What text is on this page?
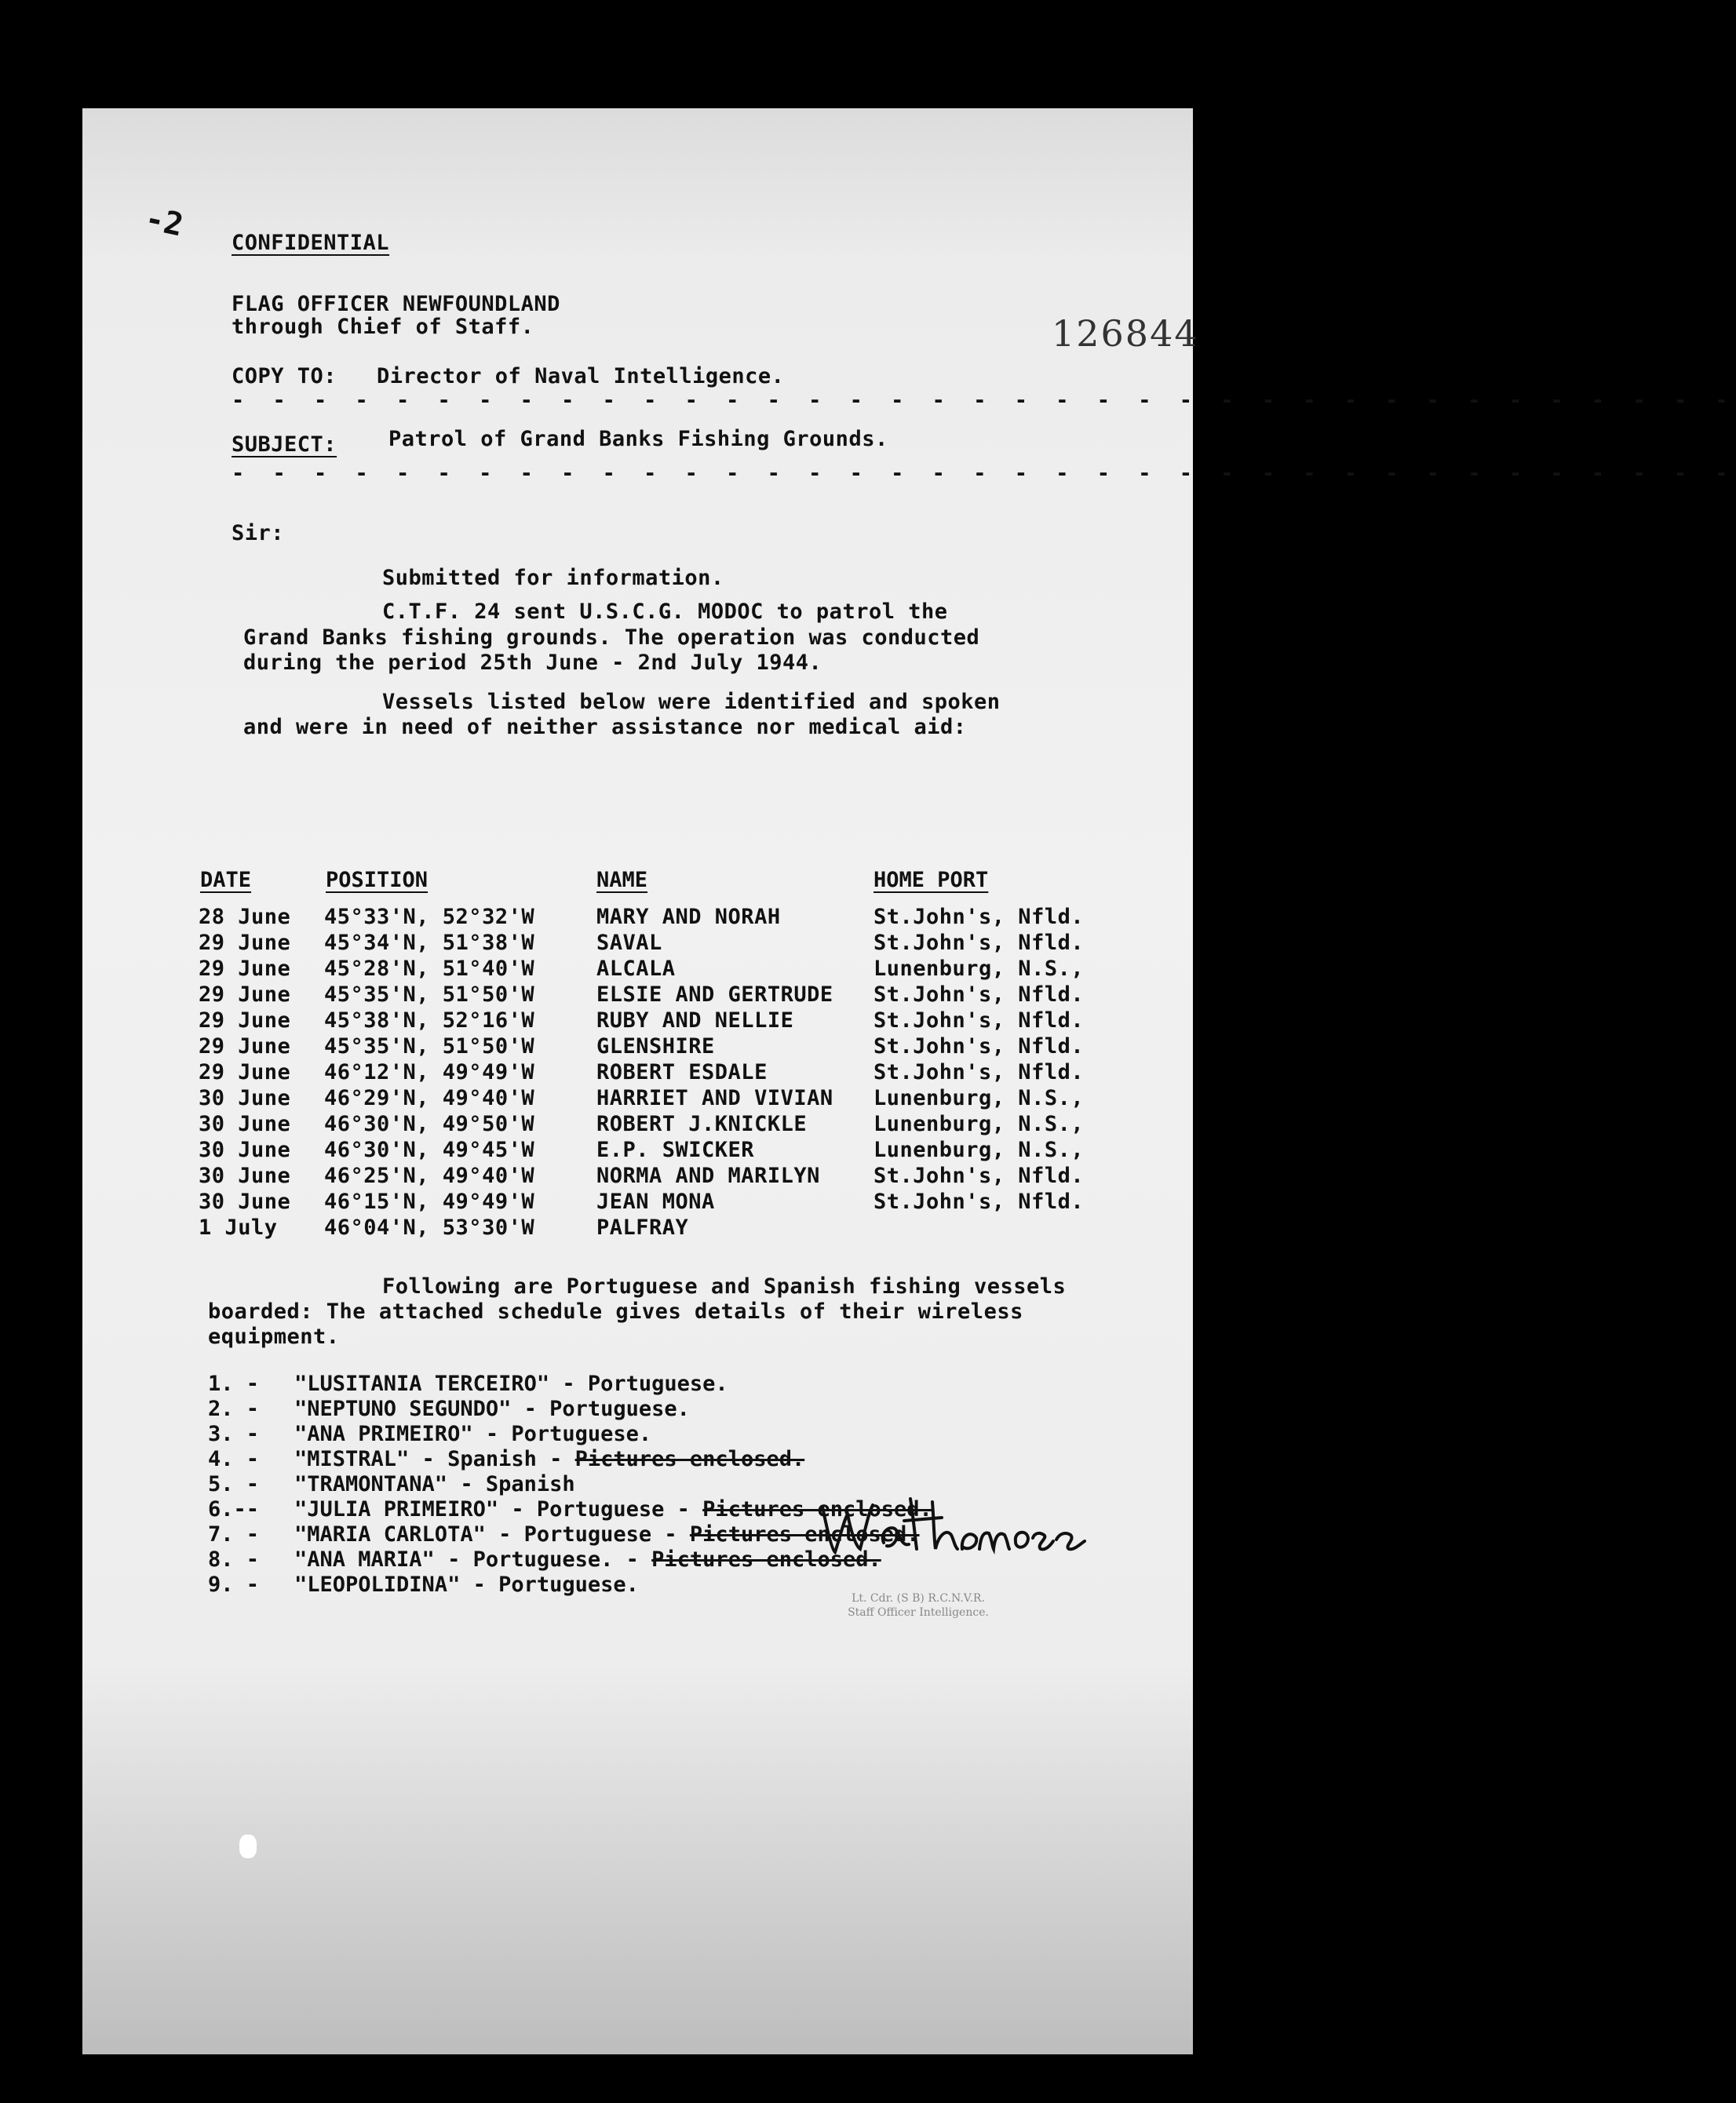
-2 CONFIDENTIAL
FLAG OFFICER NEWFOUNDLAND
through Chief of Staff.	126844
COPY TO: Director of Naval Intelligence.
- - - - - - - - - - - - - - - - - - - - - - - - - - - - - - - - - - - - -
SUBJECT: Patrol of Grand Banks Fishing Grounds.
- - - - - - - - - - - - - - - - - - - - - - - - - - - - - - - - - - - - -
Sir:
Submitted for information.
C.T.F. 24 sent U.S.C.G. MODOC to patrol the
Grand Banks fishing grounds. The operation was conducted
during the period 25th June - 2nd July 1944.
Vessels listed below were identified and spoken
and were in need of neither assistance nor medical aid:
DATE	POSITION	NAME	HOME PORT
28 June 45°33'N, 52°32'W	MARY AND NORAH	St.John's, Nfld.
29 June 45°34'N, 51°38'W	SAVAL	St.John's, Nfld.
29 June 45°28'N, 51°40'W	ALCALA	Lunenburg, N.S.,
29 June 45°35'N, 51°50'W	ELSIE AND GERTRUDE St.John's, Nfld.
29 June 45°38'N, 52°16'W	RUBY AND NELLIE	St.John's, Nfld.
29 June 45°35'N, 51°50'W	GLENSHIRE	St.John's, Nfld.
29 June 46°12'N, 49°49'W	ROBERT ESDALE	St.John's, Nfld.
30 June 46°29'N, 49°40'W	HARRIET AND VIVIAN Lunenburg, N.S.,
30 June 46°30'N, 49°50'W	ROBERT J.KNICKLE	Lunenburg, N.S.,
30 June 46°30'N, 49°45'W	E.P. SWICKER	Lunenburg, N.S.,
30 June 46°25'N, 49°40'W	NORMA AND MARILYN	St.John's, Nfld.
30 June 46°15'N, 49°49'W	JEAN MONA	St.John's, Nfld.
1 July 46°04'N, 53°30'W	PALFRAY
Following are Portuguese and Spanish fishing vessels
boarded: The attached schedule gives details of their wireless
equipment.
1. - "LUSITANIA TERCEIRO" - Portuguese.
2. - "NEPTUNO SEGUNDO" - Portuguese.
3. - "ANA PRIMEIRO" - Portuguese.
4. - "MISTRAL" - Spanish - Pictures enclosed.
5. - "TRAMONTANA" - Spanish
6.-- "JULIA PRIMEIRO" - Portuguese - Pictures enclosed.
7. - "MARIA CARLOTA" - Portuguese - Pictures enclosed.
8. - "ANA MARIA" - Portuguese. - Pictures enclosed.
9. - "LEOPOLIDINA" - Portuguese.
Lt. Cdr. (S B) R.C.N.V.R.
Staff Officer Intelligence.
